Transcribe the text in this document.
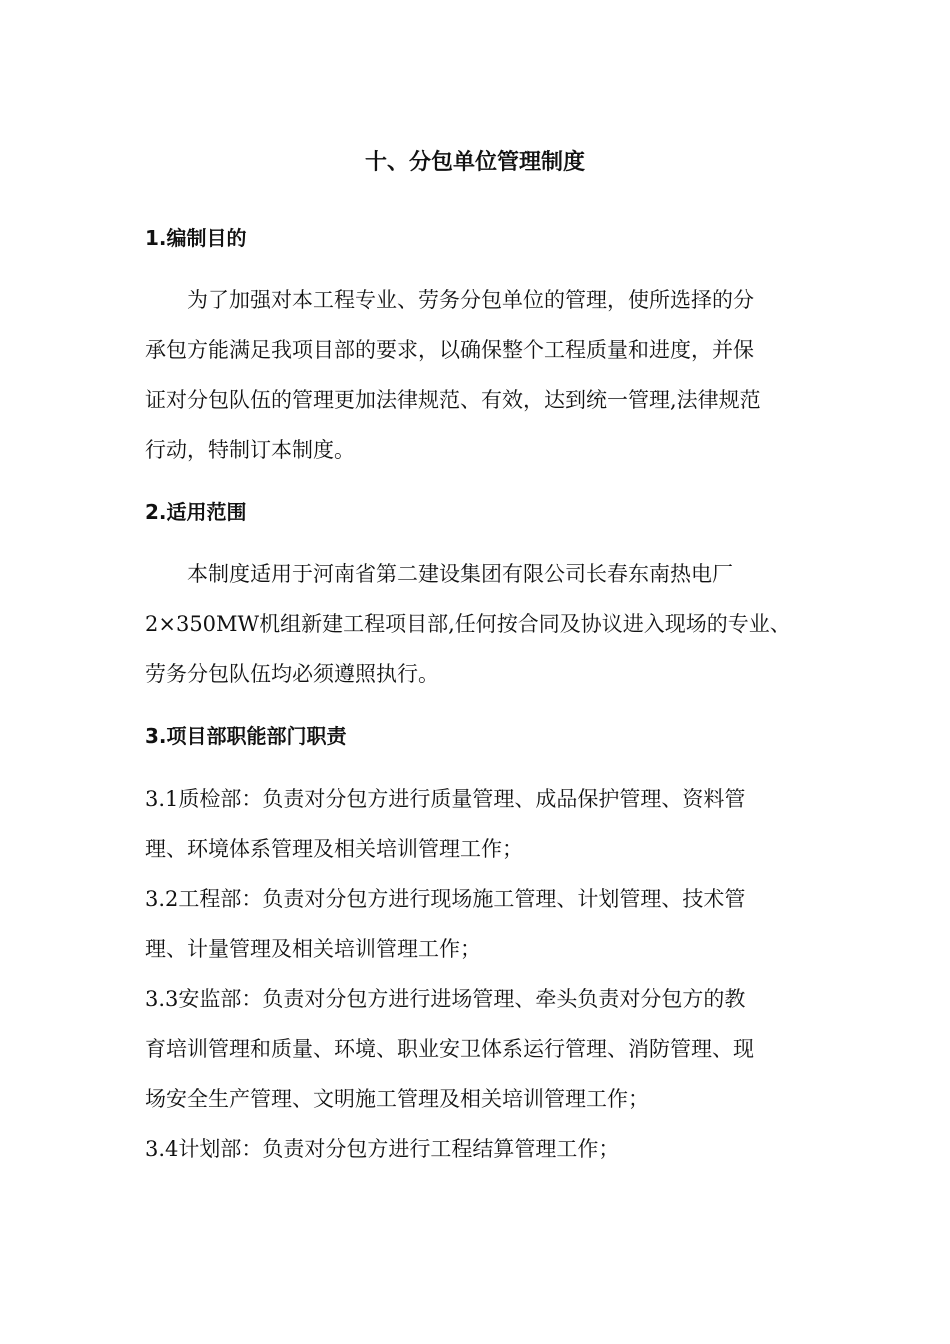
十、分包单位管理制度
1.编制目的

为了加强对本工程专业、劳务分包单位的管理，使所选择的分

承包方能满足我项目部的要求，以确保整个工程质量和进度，并保

证对分包队伍的管理更加法律规范、有效，达到统一管理,法律规范

行动，特制订本制度。

2.适用范围

本制度适用于河南省第二建设集团有限公司长春东南热电厂

2×350MW机组新建工程项目部,任何按合同及协议进入现场的专业、

劳务分包队伍均必须遵照执行。

3.项目部职能部门职责

3.1质检部：负责对分包方进行质量管理、成品保护管理、资料管

理、环境体系管理及相关培训管理工作；

3.2工程部：负责对分包方进行现场施工管理、计划管理、技术管

理、计量管理及相关培训管理工作；

3.3安监部：负责对分包方进行进场管理、牵头负责对分包方的教

育培训管理和质量、环境、职业安卫体系运行管理、消防管理、现

场安全生产管理、文明施工管理及相关培训管理工作；

3.4计划部：负责对分包方进行工程结算管理工作；
